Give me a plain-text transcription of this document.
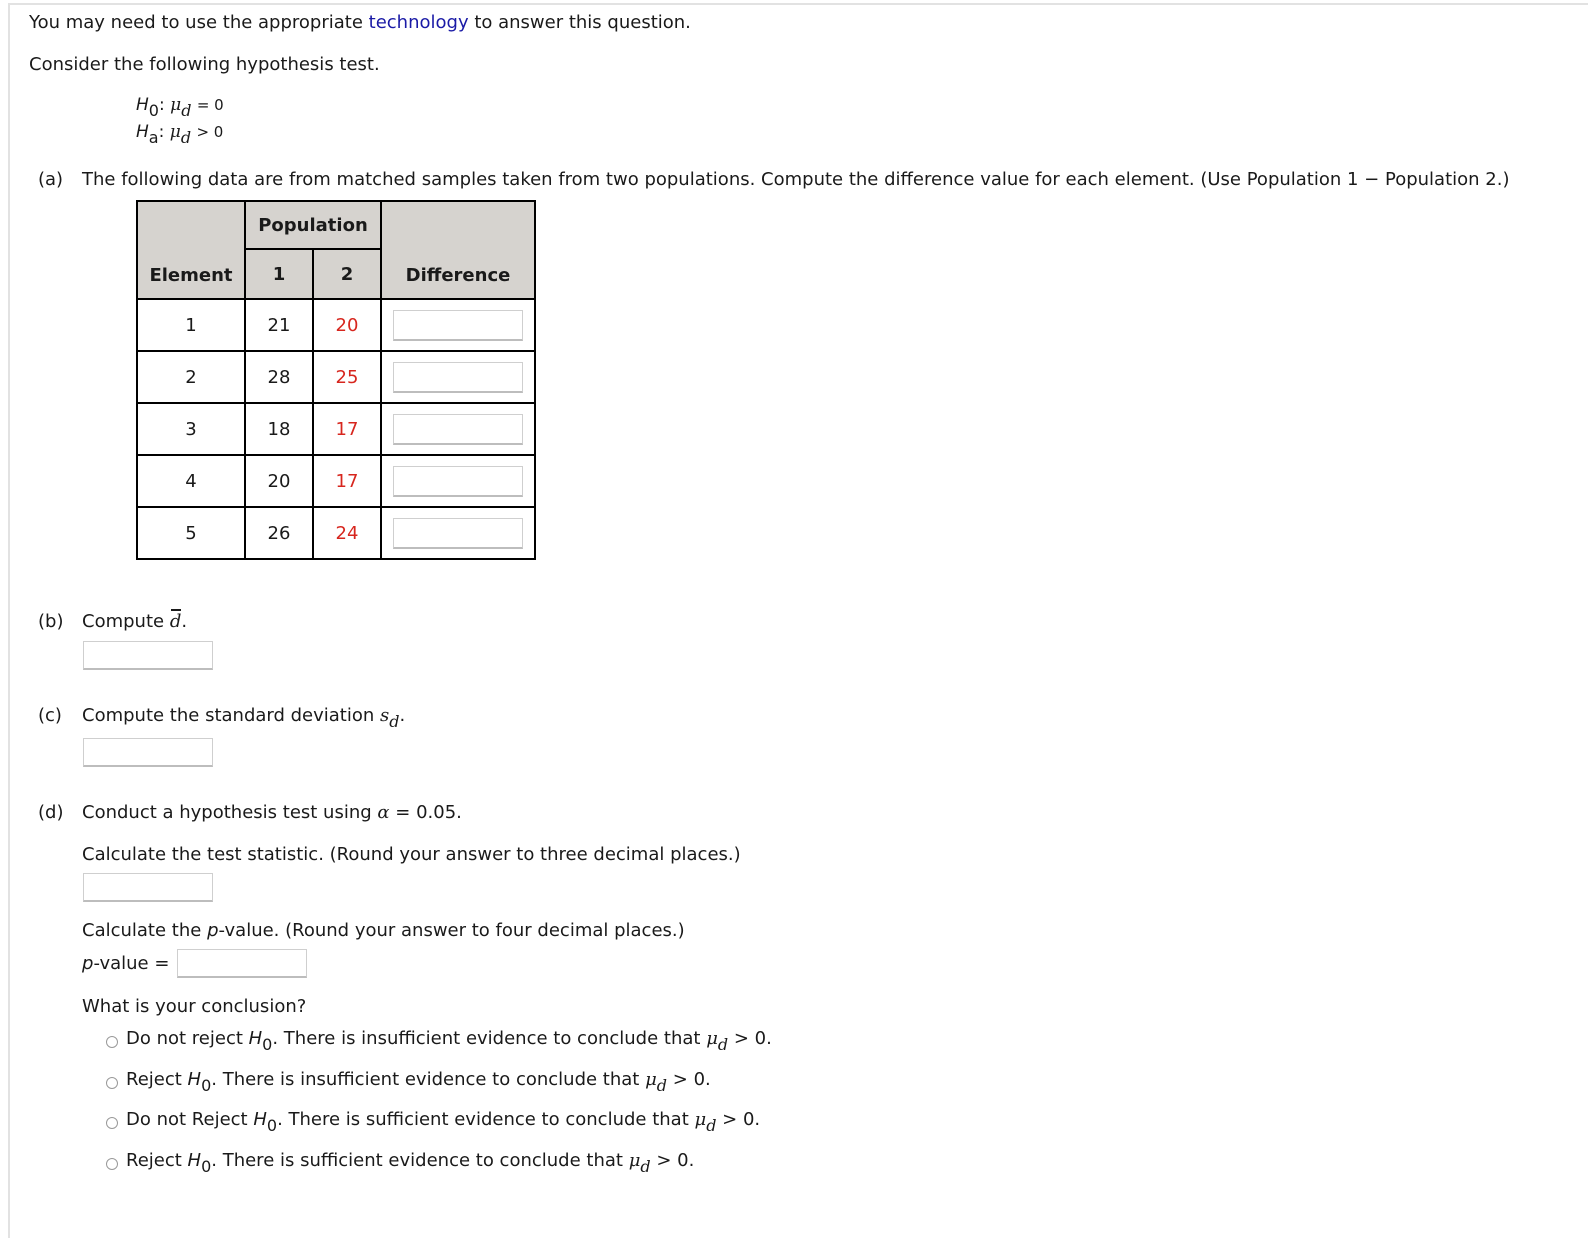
You may need to use the appropriate technology to answer this question.
Consider the following hypothesis test.
H0: μd = 0
Ha: μd > 0
(a) The following data are from matched samples taken from two populations. Compute the difference value for each element. (Use Population 1 − Population 2.)
Element	Population		Difference
	1	2	
1	21	20	
2	28	25	
3	18	17	
4	20	17	
5	26	24	
(b) Compute d.
(c) Compute the standard deviation sd.
(d) Conduct a hypothesis test using α = 0.05.
Calculate the test statistic. (Round your answer to three decimal places.)
Calculate the p-value. (Round your answer to four decimal places.)
p-value =
What is your conclusion?
Do not reject H0. There is insufficient evidence to conclude that μd > 0.
Reject H0. There is insufficient evidence to conclude that μd > 0.
Do not Reject H0. There is sufficient evidence to conclude that μd > 0.
Reject H0. There is sufficient evidence to conclude that μd > 0.
